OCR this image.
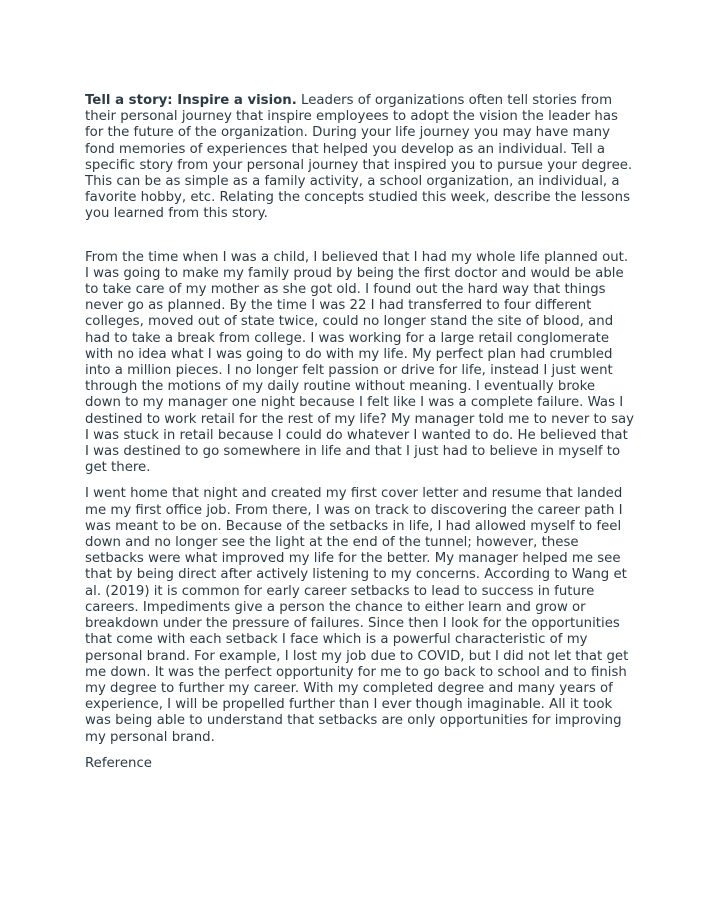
Tell a story: Inspire a vision. Leaders of organizations often tell stories from their personal journey that inspire employees to adopt the vision the leader has for the future of the organization. During your life journey you may have many fond memories of experiences that helped you develop as an individual. Tell a specific story from your personal journey that inspired you to pursue your degree. This can be as simple as a family activity, a school organization, an individual, a favorite hobby, etc. Relating the concepts studied this week, describe the lessons you learned from this story.

From the time when I was a child, I believed that I had my whole life planned out. I was going to make my family proud by being the first doctor and would be able to take care of my mother as she got old. I found out the hard way that things never go as planned. By the time I was 22 I had transferred to four different colleges, moved out of state twice, could no longer stand the site of blood, and had to take a break from college. I was working for a large retail conglomerate with no idea what I was going to do with my life. My perfect plan had crumbled into a million pieces. I no longer felt passion or drive for life, instead I just went through the motions of my daily routine without meaning. I eventually broke down to my manager one night because I felt like I was a complete failure. Was I destined to work retail for the rest of my life? My manager told me to never to say I was stuck in retail because I could do whatever I wanted to do. He believed that I was destined to go somewhere in life and that I just had to believe in myself to get there.

I went home that night and created my first cover letter and resume that landed me my first office job. From there, I was on track to discovering the career path I was meant to be on. Because of the setbacks in life, I had allowed myself to feel down and no longer see the light at the end of the tunnel; however, these setbacks were what improved my life for the better. My manager helped me see that by being direct after actively listening to my concerns. According to Wang et al. (2019) it is common for early career setbacks to lead to success in future careers. Impediments give a person the chance to either learn and grow or breakdown under the pressure of failures. Since then I look for the opportunities that come with each setback I face which is a powerful characteristic of my personal brand. For example, I lost my job due to COVID, but I did not let that get me down. It was the perfect opportunity for me to go back to school and to finish my degree to further my career. With my completed degree and many years of experience, I will be propelled further than I ever though imaginable. All it took was being able to understand that setbacks are only opportunities for improving my personal brand.

Reference
